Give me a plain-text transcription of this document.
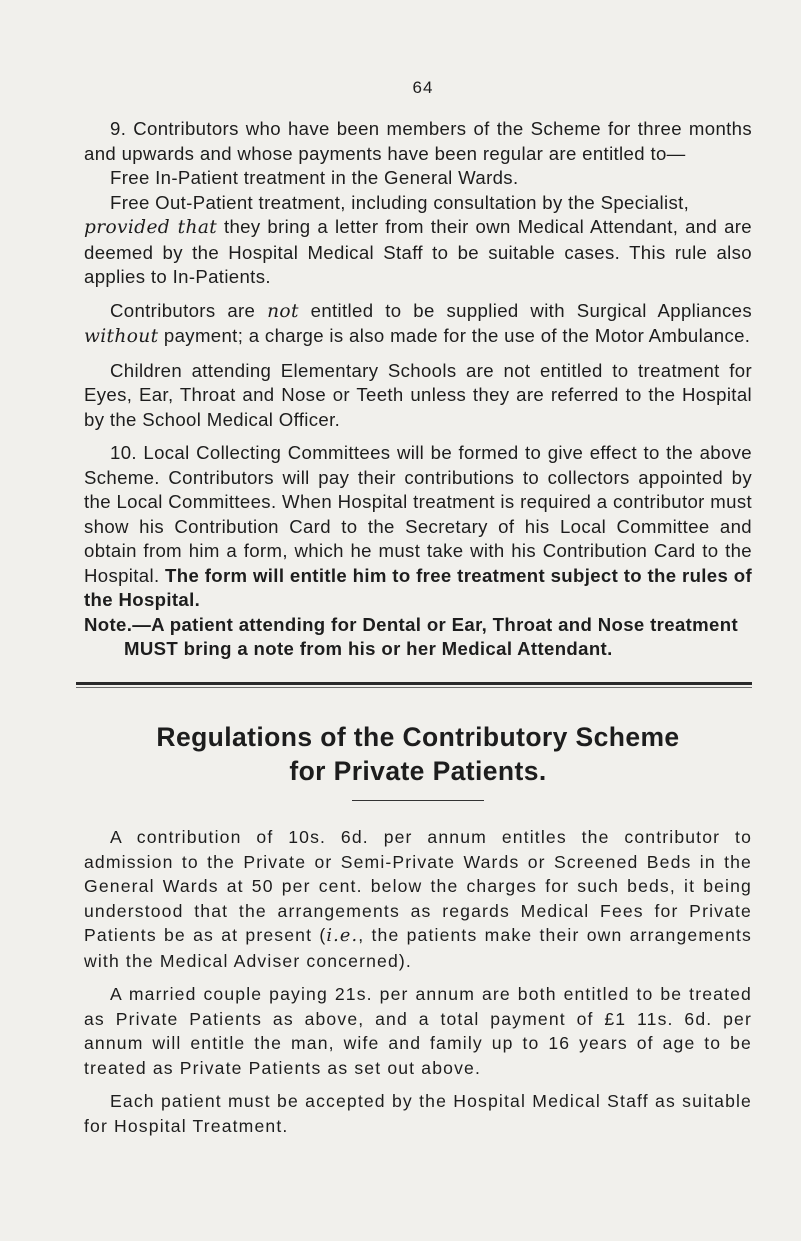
64

9. Contributors who have been members of the Scheme for three months and upwards and whose payments have been regular are entitled to—

Free In-Patient treatment in the General Wards.

Free Out-Patient treatment, including consultation by the Specialist,

provided that they bring a letter from their own Medical Attendant, and are deemed by the Hospital Medical Staff to be suitable cases. This rule also applies to In-Patients.

Contributors are not entitled to be supplied with Surgical Appliances without payment; a charge is also made for the use of the Motor Ambulance.

Children attending Elementary Schools are not entitled to treatment for Eyes, Ear, Throat and Nose or Teeth unless they are referred to the Hospital by the School Medical Officer.

10. Local Collecting Committees will be formed to give effect to the above Scheme. Contributors will pay their contributions to collectors appointed by the Local Committees. When Hospital treatment is required a contributor must show his Contribution Card to the Secretary of his Local Committee and obtain from him a form, which he must take with his Contribution Card to the Hospital. The form will entitle him to free treatment subject to the rules of the Hospital.

Note.—A patient attending for Dental or Ear, Throat and Nose treatment MUST bring a note from his or her Medical Attendant.

Regulations of the Contributory Scheme
for Private Patients.

A contribution of 10s. 6d. per annum entitles the contributor to admission to the Private or Semi-Private Wards or Screened Beds in the General Wards at 50 per cent. below the charges for such beds, it being understood that the arrangements as regards Medical Fees for Private Patients be as at present (i.e., the patients make their own arrangements with the Medical Adviser concerned).

A married couple paying 21s. per annum are both entitled to be treated as Private Patients as above, and a total payment of £1 11s. 6d. per annum will entitle the man, wife and family up to 16 years of age to be treated as Private Patients as set out above.

Each patient must be accepted by the Hospital Medical Staff as suitable for Hospital Treatment.
